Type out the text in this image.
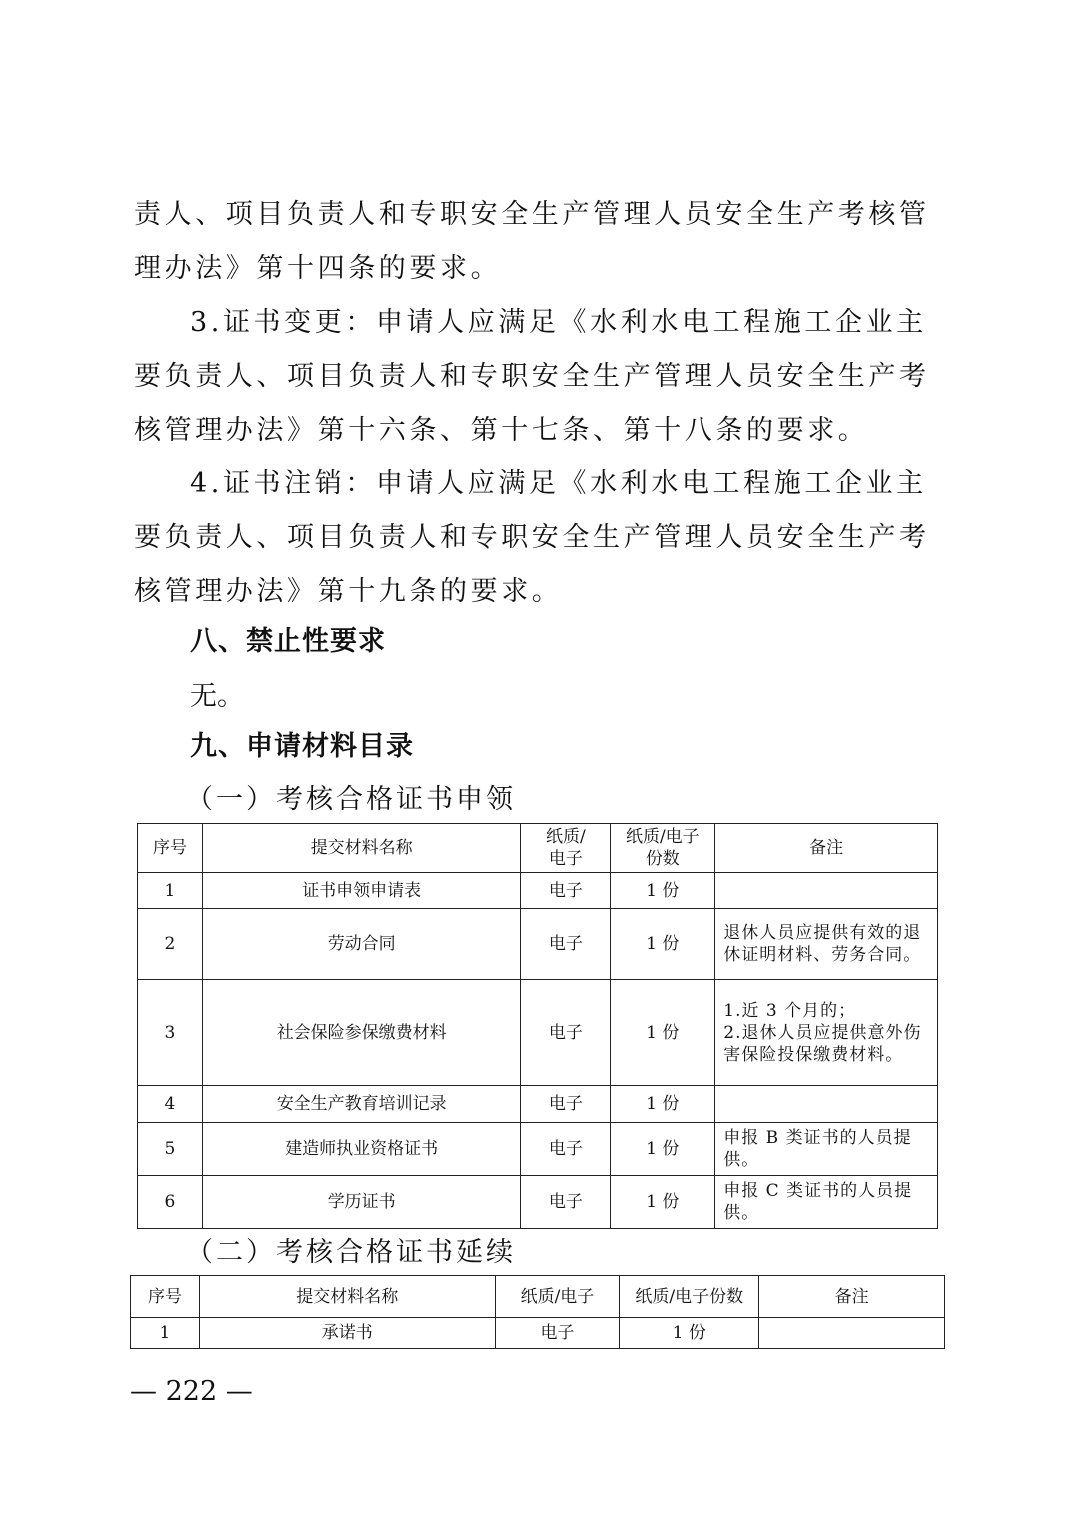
责人、项目负责人和专职安全生产管理人员安全生产考核管理办法》第十四条的要求。

3.证书变更：申请人应满足《水利水电工程施工企业主要负责人、项目负责人和专职安全生产管理人员安全生产考核管理办法》第十六条、第十七条、第十八条的要求。

4.证书注销：申请人应满足《水利水电工程施工企业主要负责人、项目负责人和专职安全生产管理人员安全生产考核管理办法》第十九条的要求。

八、禁止性要求

无。

九、申请材料目录

（一）考核合格证书申领

序号	提交材料名称	纸质/电子	纸质/电子份数	备注
1	证书申领申请表	电子	1 份	
2	劳动合同	电子	1 份	退休人员应提供有效的退休证明材料、劳务合同。
3	社会保险参保缴费材料	电子	1 份	1.近 3 个月的；
2.退休人员应提供意外伤害保险投保缴费材料。
4	安全生产教育培训记录	电子	1 份	
5	建造师执业资格证书	电子	1 份	申报 B 类证书的人员提供。
6	学历证书	电子	1 份	申报 C 类证书的人员提供。

（二）考核合格证书延续

序号	提交材料名称	纸质/电子	纸质/电子份数	备注
1	承诺书	电子	1 份	

— 222 —
